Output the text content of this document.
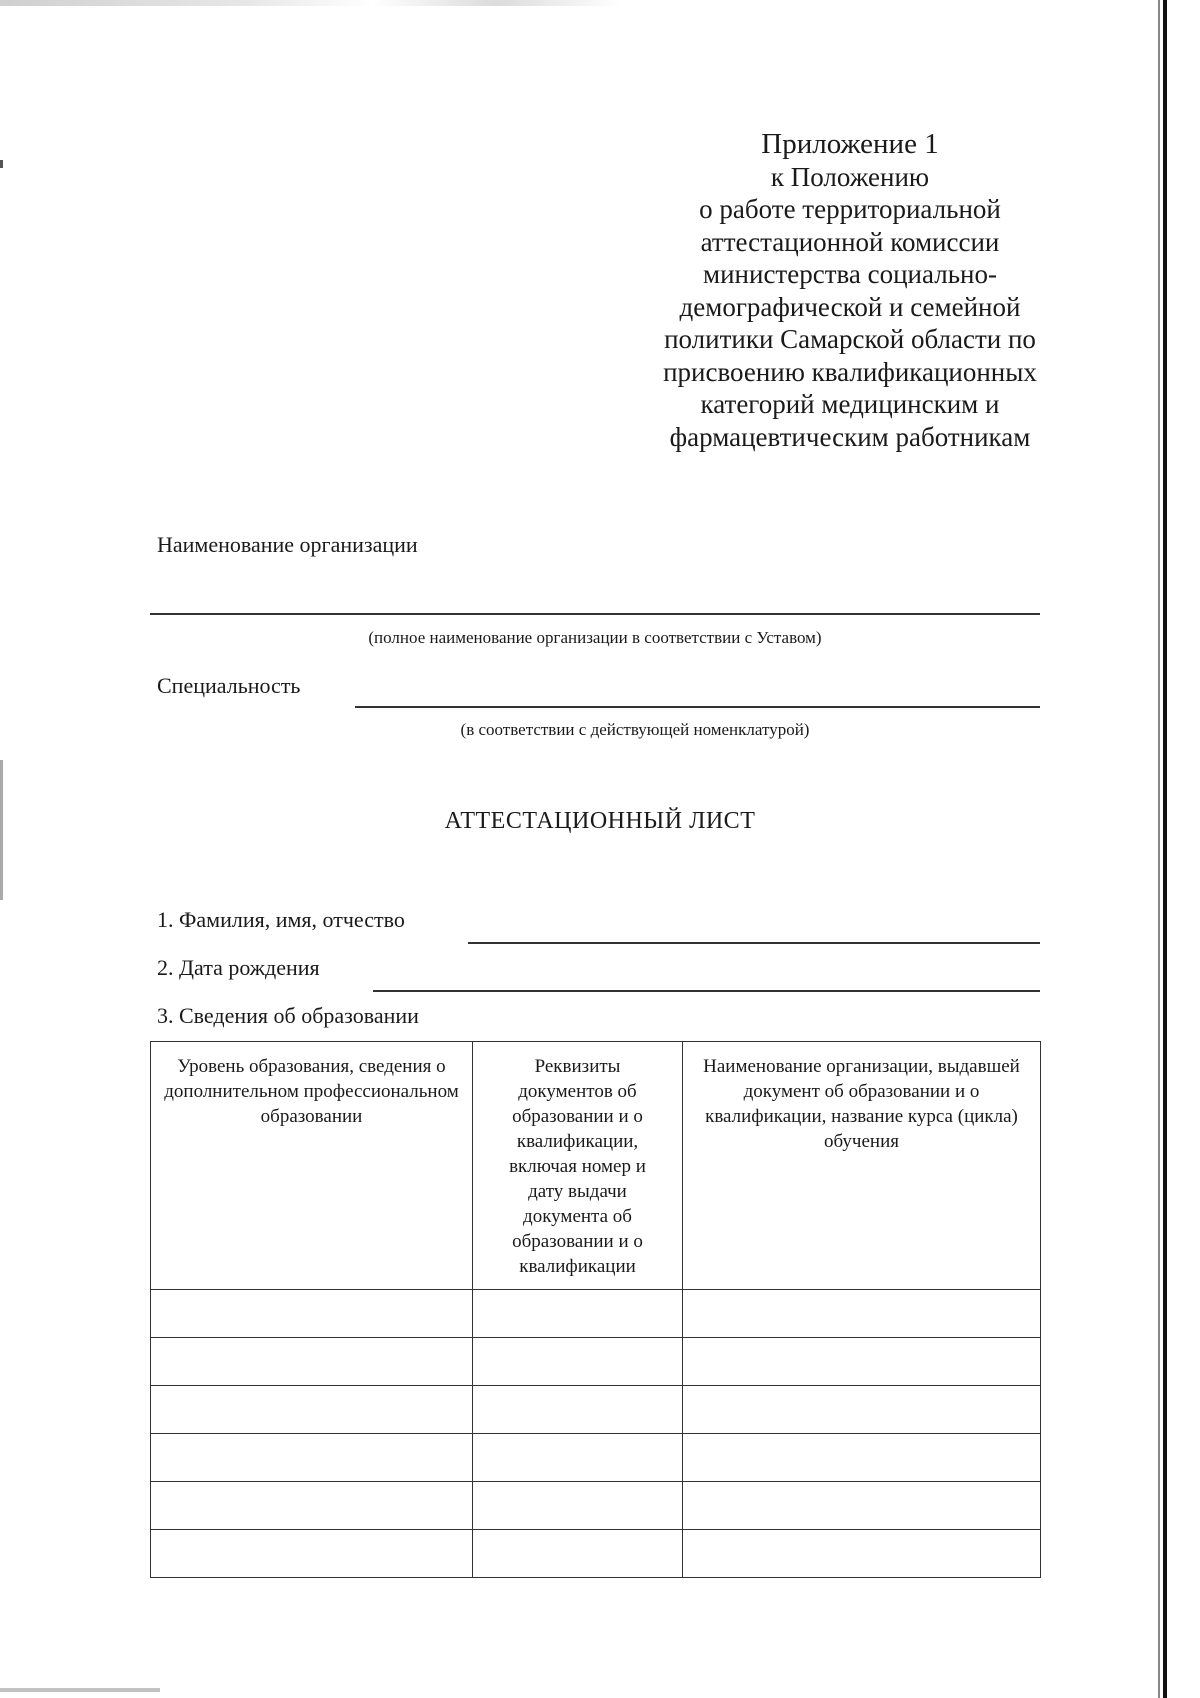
Приложение 1
к Положению
о работе территориальной
аттестационной комиссии
министерства социально-
демографической и семейной
политики Самарской области по
присвоению квалификационных
категорий медицинским и
фармацевтическим работникам
Наименование организации
(полное наименование организации в соответствии с Уставом)
Специальность
(в соответствии с действующей номенклатурой)
АТТЕСТАЦИОННЫЙ ЛИСТ
1. Фамилия, имя, отчество
2. Дата рождения
3. Сведения об образовании
Уровень образования, сведения о дополнительном профессиональном образовании	Реквизиты документов об образовании и о квалификации, включая номер и дату выдачи документа об образовании и о квалификации	Наименование организации, выдавшей документ об образовании и о квалификации, название курса (цикла) обучения
